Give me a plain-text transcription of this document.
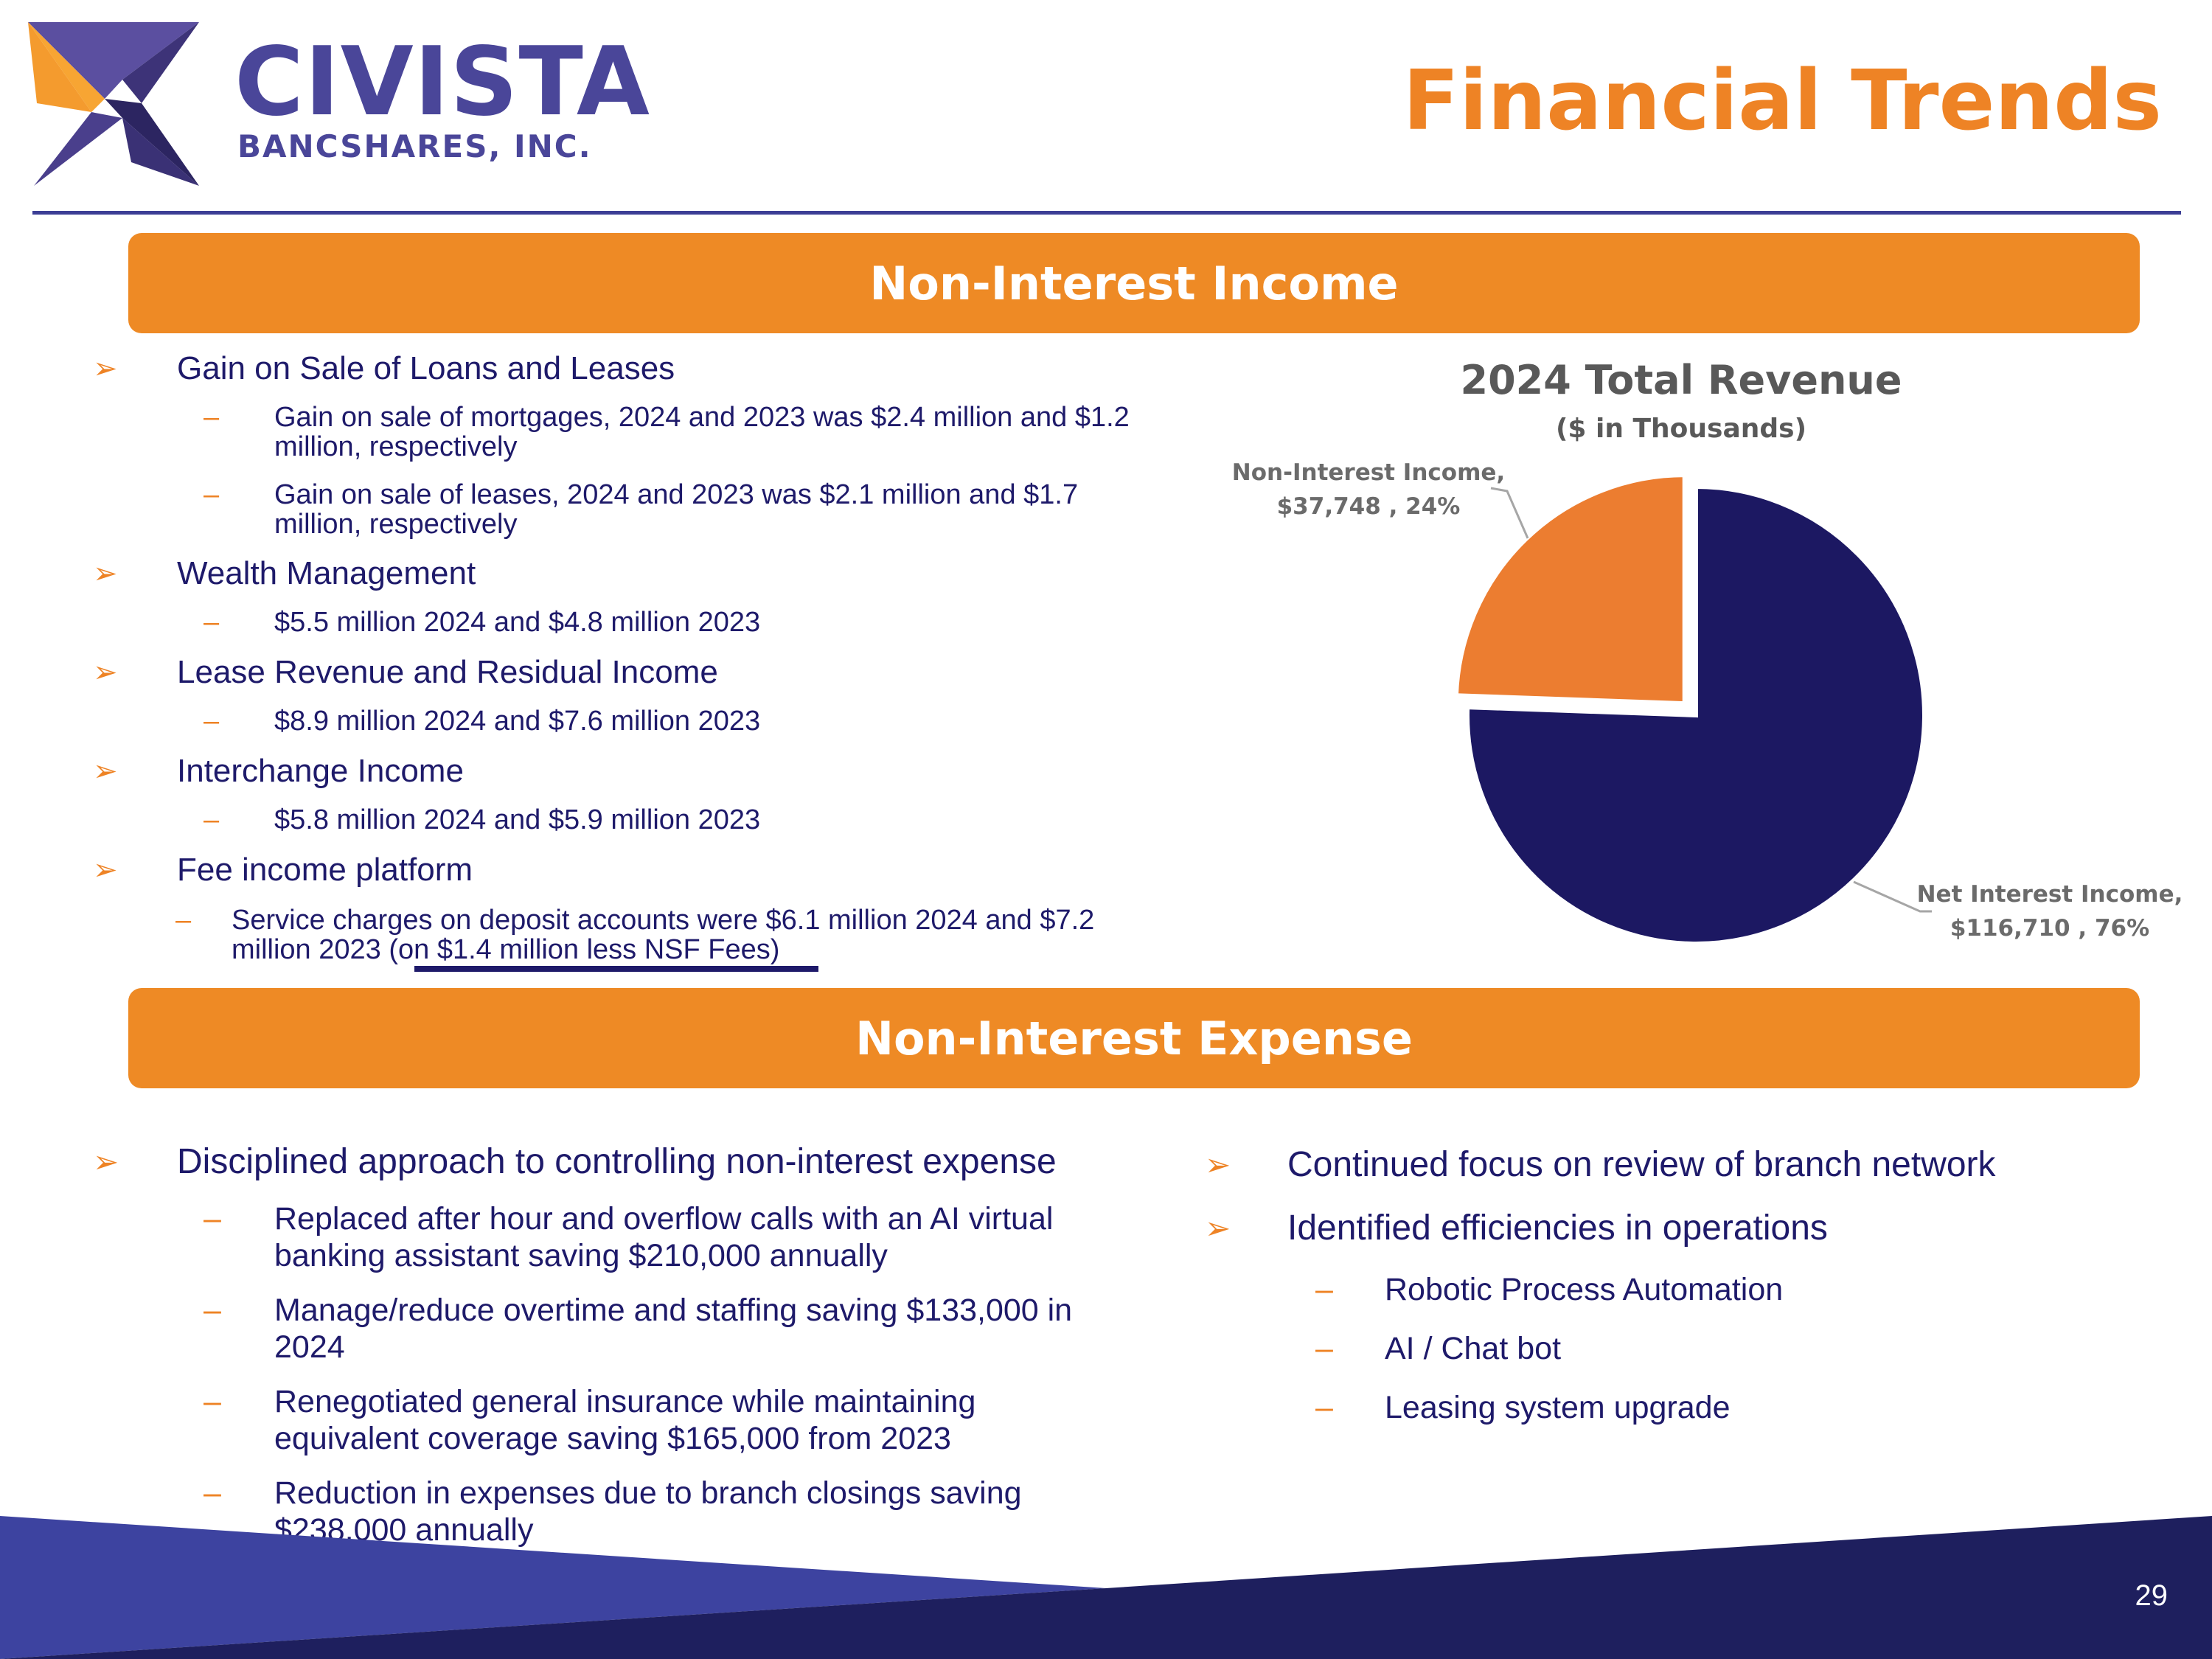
CIVISTA
BANCSHARES, INC.	Financial Trends
Non-Interest Income
➢ Gain on Sale of Loans and Leases
– Gain on sale of mortgages, 2024 and 2023 was $2.4 million and $1.2
million, respectively
– Gain on sale of leases, 2024 and 2023 was $2.1 million and $1.7
million, respectively
➢ Wealth Management
– $5.5 million 2024 and $4.8 million 2023
➢ Lease Revenue and Residual Income
– $8.9 million 2024 and $7.6 million 2023
➢ Interchange Income
– $5.8 million 2024 and $5.9 million 2023
➢ Fee income platform
– Service charges on deposit accounts were $6.1 million 2024 and $7.2
million 2023 (on $1.4 million less NSF Fees)
2024 Total Revenue
($ in Thousands)
Non-Interest Income,
$37,748 , 24%
Net Interest Income,
$116,710 , 76%
Non-Interest Expense
➢ Disciplined approach to controlling non-interest expense
– Replaced after hour and overflow calls with an AI virtual
banking assistant saving $210,000 annually
– Manage/reduce overtime and staffing saving $133,000 in
2024
– Renegotiated general insurance while maintaining
equivalent coverage saving $165,000 from 2023
– Reduction in expenses due to branch closings saving
$238,000 annually
➢ Continued focus on review of branch network
➢ Identified efficiencies in operations
– Robotic Process Automation
– AI / Chat bot
– Leasing system upgrade
29
